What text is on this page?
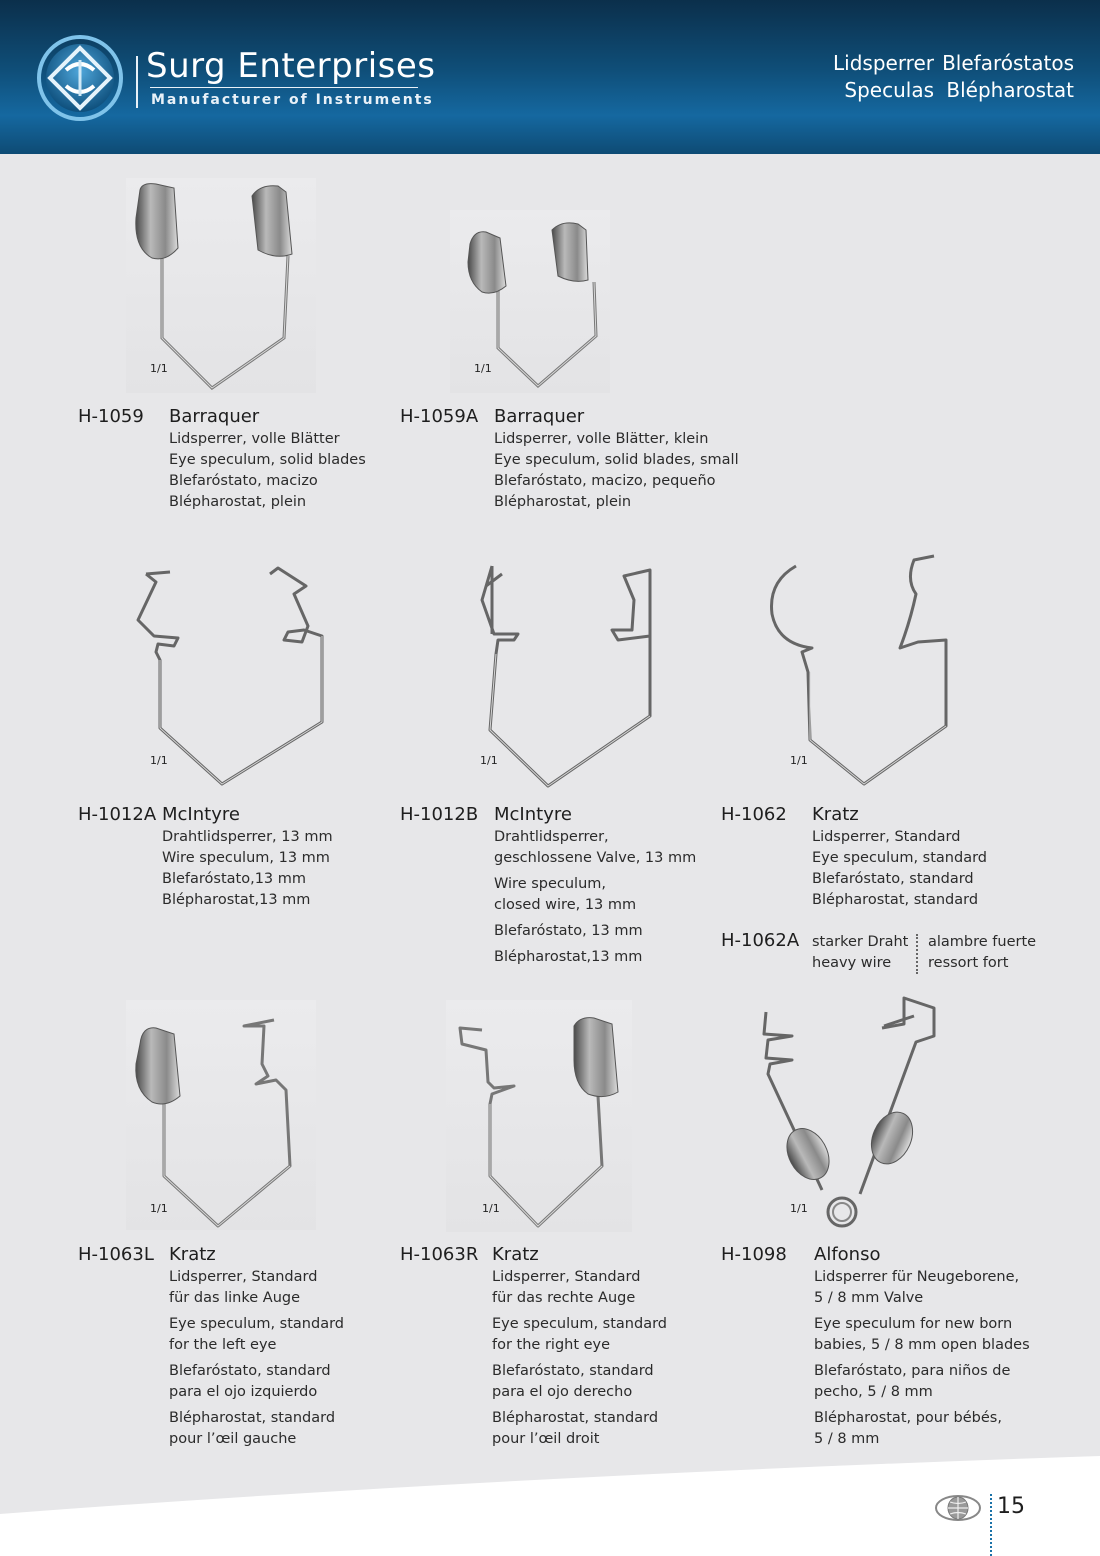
Surg Enterprises
Manufacturer of Instruments
Lidsperrer
Speculas
Blefaróstatos
Blépharostat
1/1
H-1059 Barraquer
Lidsperrer, volle Blätter
Eye speculum, solid blades
Blefaróstato, macizo
Blépharostat, plein
1/1
H-1059A Barraquer
Lidsperrer, volle Blätter, klein
Eye speculum, solid blades, small
Blefaróstato, macizo, pequeño
Blépharostat, plein
1/1
H-1012A McIntyre
Drahtlidsperrer, 13 mm
Wire speculum, 13 mm
Blefaróstato,13 mm
Blépharostat,13 mm
1/1
H-1012B McIntyre
Drahtlidsperrer,
geschlossene Valve, 13 mm
Wire speculum,
closed wire, 13 mm
Blefaróstato, 13 mm
Blépharostat,13 mm
1/1
H-1062 Kratz
Lidsperrer, Standard
Eye speculum, standard
Blefaróstato, standard
Blépharostat, standard
H-1062A starker Draht
heavy wire
alambre fuerte
ressort fort
1/1
H-1063L Kratz
Lidsperrer, Standard
für das linke Auge
Eye speculum, standard
for the left eye
Blefaróstato, standard
para el ojo izquierdo
Blépharostat, standard
pour l’œil gauche
1/1
H-1063R Kratz
Lidsperrer, Standard
für das rechte Auge
Eye speculum, standard
for the right eye
Blefaróstato, standard
para el ojo derecho
Blépharostat, standard
pour l’œil droit
1/1
H-1098 Alfonso
Lidsperrer für Neugeborene,
5 / 8 mm Valve
Eye speculum for new born
babies, 5 / 8 mm open blades
Blefaróstato, para niños de
pecho, 5 / 8 mm
Blépharostat, pour bébés,
5 / 8 mm
15
